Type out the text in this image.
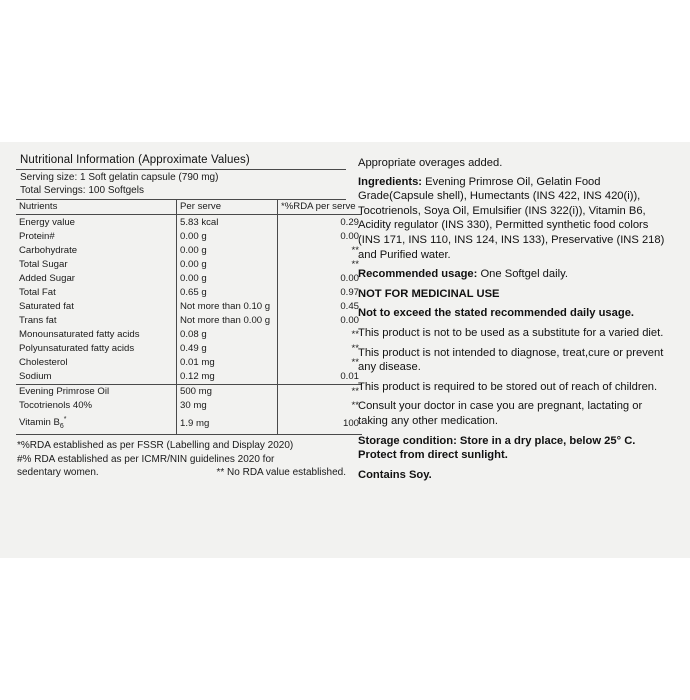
Nutritional Information (Approximate Values)
Serving size: 1 Soft gelatin capsule (790 mg)
Total Servings: 100 Softgels
Nutrients	Per serve	*%RDA per serve
Energy value	5.83 kcal	0.29
Protein#	0.00 g	0.00
Carbohydrate	0.00 g	**
Total Sugar	0.00 g	**
Added Sugar	0.00 g	0.00
Total Fat	0.65 g	0.97
Saturated fat	Not more than 0.10 g	0.45
Trans fat	Not more than 0.00 g	0.00
Monounsaturated fatty acids	0.08 g	**
Polyunsaturated fatty acids	0.49 g	**
Cholesterol	0.01 mg	**
Sodium	0.12 mg	0.01
Evening Primrose Oil	500 mg	**
Tocotrienols 40%	30 mg	**
Vitamin $B_6^*$	1.9 mg	100
*%RDA established as per FSSR (Labelling and Display 2020)
#% RDA established as per ICMR/NIN guidelines 2020 for
sedentary women.	** No RDA value established.
Appropriate overages added.
Ingredients: Evening Primrose Oil, Gelatin Food Grade(Capsule shell), Humectants (INS 422, INS 420(i)), Tocotrienols, Soya Oil, Emulsifier (INS 322(i)), Vitamin B6, Acidity regulator (INS 330), Permitted synthetic food colors (INS 171, INS 110, INS 124, INS 133), Preservative (INS 218) and Purified water.
Recommended usage: One Softgel daily.
NOT FOR MEDICINAL USE
Not to exceed the stated recommended daily usage.
This product is not to be used as a substitute for a varied diet.
This product is not intended to diagnose, treat,cure or prevent any disease.
This product is required to be stored out of reach of children.
Consult your doctor in case you are pregnant, lactating or taking any other medication.
Storage condition: Store in a dry place, below 25° C. Protect from direct sunlight.
Contains Soy.
